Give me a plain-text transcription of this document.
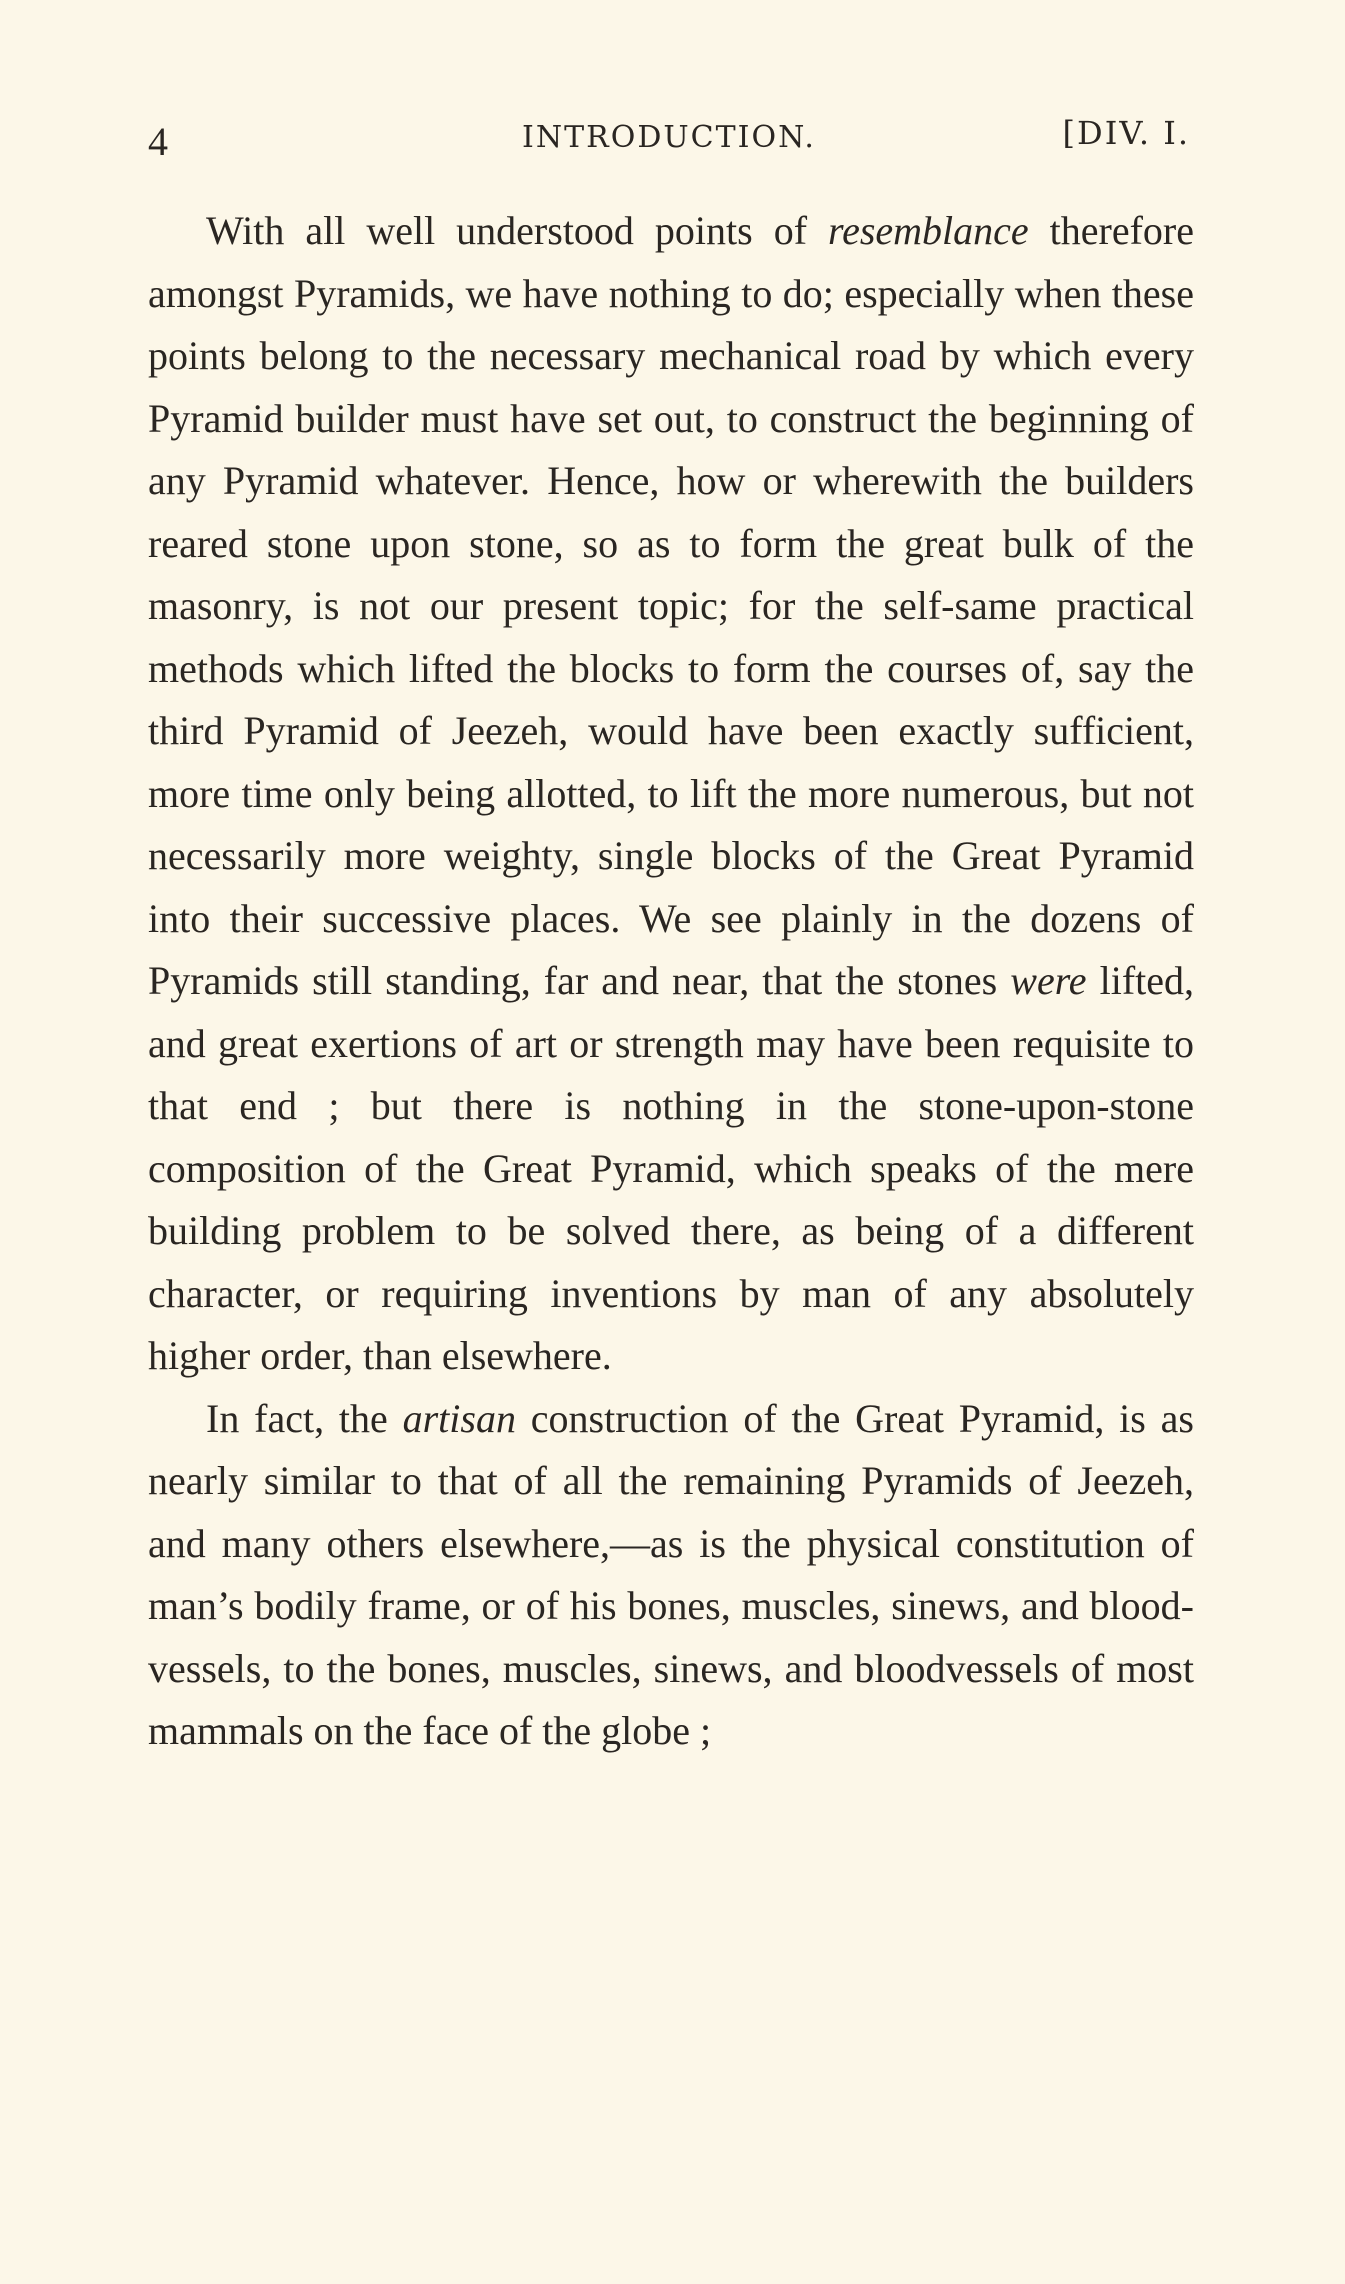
4	INTRODUCTION.	[DIV. I.

With all well understood points of resemblance therefore amongst Pyramids, we have nothing to do; especially when these points belong to the necessary mechanical road by which every Pyramid builder must have set out, to construct the beginning of any Pyramid whatever. Hence, how or wherewith the builders reared stone upon stone, so as to form the great bulk of the masonry, is not our present topic; for the self-same practical methods which lifted the blocks to form the courses of, say the third Pyramid of Jeezeh, would have been exactly sufficient, more time only being allotted, to lift the more numerous, but not necessarily more weighty, single blocks of the Great Pyramid into their successive places. We see plainly in the dozens of Pyramids still standing, far and near, that the stones were lifted, and great exertions of art or strength may have been requisite to that end ; but there is nothing in the stone-upon-stone composition of the Great Pyramid, which speaks of the mere building problem to be solved there, as being of a different character, or requiring inventions by man of any absolutely higher order, than elsewhere.

In fact, the artisan construction of the Great Pyramid, is as nearly similar to that of all the remaining Pyramids of Jeezeh, and many others elsewhere,—as is the physical constitution of man’s bodily frame, or of his bones, muscles, sinews, and blood-vessels, to the bones, muscles, sinews, and bloodvessels of most mammals on the face of the globe ;
